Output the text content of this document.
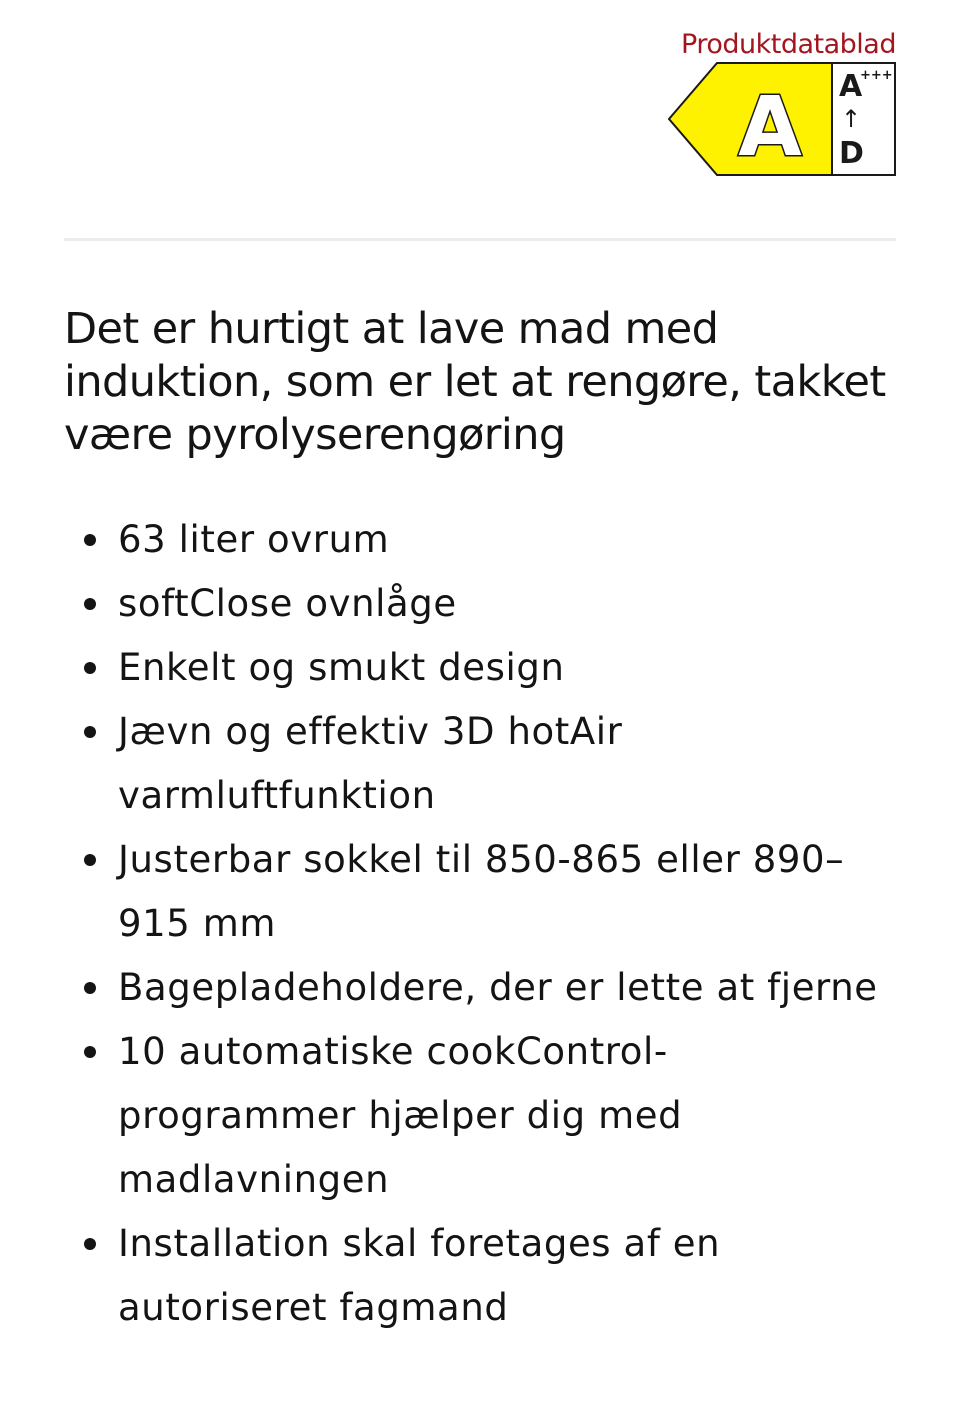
Produktdatablad
A A
+++
↑
D
Det er hurtigt at lave mad med induktion, som er let at rengøre, takket være pyrolyserengøring
63 liter ovrum
softClose ovnlåge
Enkelt og smukt design
Jævn og effektiv 3D hotAir varmluftfunktion
Justerbar sokkel til 850-865 eller 890–915 mm
Bagepladeholdere, der er lette at fjerne
10 automatiske cookControl-programmer hjælper dig med madlavningen
Installation skal foretages af en autoriseret fagmand
